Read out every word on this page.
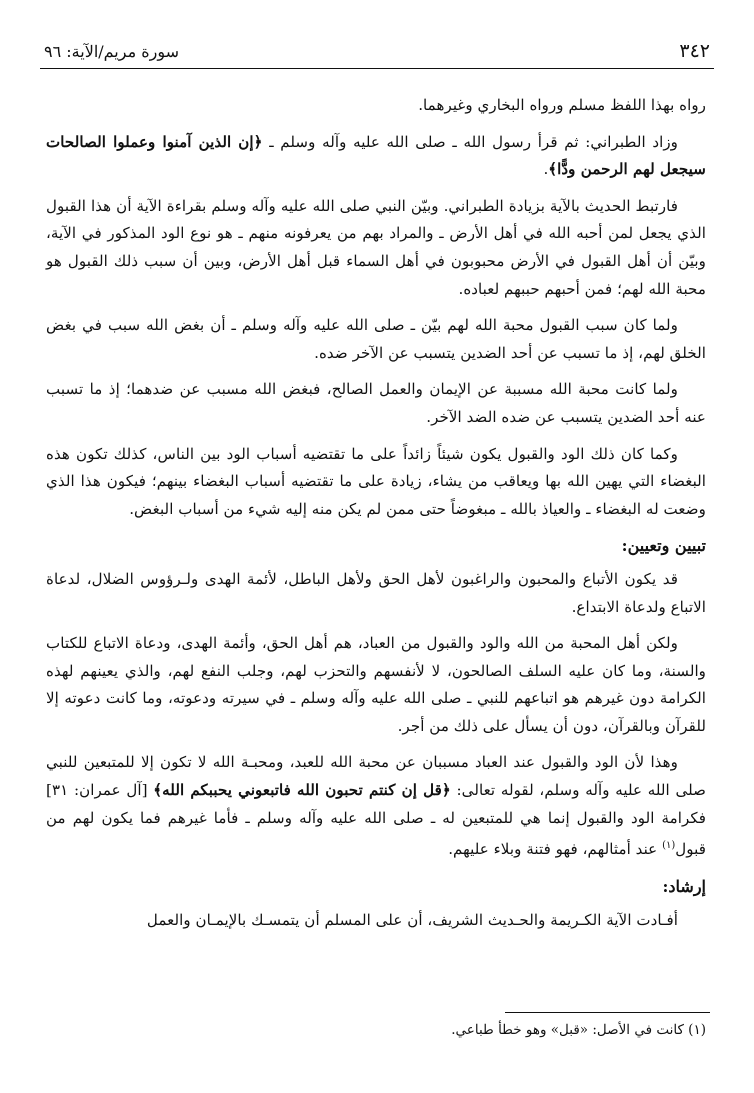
٣٤٢
سورة مريم/الآية: ٩٦

رواه بهذا اللفظ مسلم ورواه البخاري وغيرهما.

وزاد الطبراني: ثم قرأ رسول الله ـ صلى الله عليه وآله وسلم ـ ﴿إن الذين آمنوا وعملوا الصالحات سيجعل لهم الرحمن ودًّا﴾.

فارتبط الحديث بالآية بزيادة الطبراني. وبيّن النبي صلى الله عليه وآله وسلم بقراءة الآية أن هذا القبول الذي يجعل لمن أحبه الله في أهل الأرض ـ والمراد بهم من يعرفونه منهم ـ هو نوع الود المذكور في الآية، وبيّن أن أهل القبول في الأرض محبوبون في أهل السماء قبل أهل الأرض، وبين أن سبب ذلك القبول هو محبة الله لهم؛ فمن أحبهم حببهم لعباده.

ولما كان سبب القبول محبة الله لهم بيّن ـ صلى الله عليه وآله وسلم ـ أن بغض الله سبب في بغض الخلق لهم، إذ ما تسبب عن أحد الضدين يتسبب عن الآخر ضده.

ولما كانت محبة الله مسببة عن الإيمان والعمل الصالح، فبغض الله مسبب عن ضدهما؛ إذ ما تسبب عنه أحد الضدين يتسبب عن ضده الضد الآخر.

وكما كان ذلك الود والقبول يكون شيئاً زائداً على ما تقتضيه أسباب الود بين الناس، كذلك تكون هذه البغضاء التي يهين الله بها ويعاقب من يشاء، زيادة على ما تقتضيه أسباب البغضاء بينهم؛ فيكون هذا الذي وضعت له البغضاء ـ والعياذ بالله ـ مبغوضاً حتى ممن لم يكن منه إليه شيء من أسباب البغض.

تبيين وتعيين:

قد يكون الأتباع والمحبون والراغبون لأهل الحق ولأهل الباطل، لأئمة الهدى ولـرؤوس الضلال، لدعاة الاتباع ولدعاة الابتداع.

ولكن أهل المحبة من الله والود والقبول من العباد، هم أهل الحق، وأئمة الهدى، ودعاة الاتباع للكتاب والسنة، وما كان عليه السلف الصالحون، لا لأنفسهم والتحزب لهم، وجلب النفع لهم، والذي يعينهم لهذه الكرامة دون غيرهم هو اتباعهم للنبي ـ صلى الله عليه وآله وسلم ـ في سيرته ودعوته، وما كانت دعوته إلا للقرآن وبالقرآن، دون أن يسأل على ذلك من أجر.

وهذا لأن الود والقبول عند العباد مسببان عن محبة الله للعبد، ومحبـة الله لا تكون إلا للمتبعين للنبي صلى الله عليه وآله وسلم، لقوله تعالى: ﴿قل إن كنتم تحبون الله فاتبعوني يحببكم الله﴾ [آل عمران: ٣١] فكرامة الود والقبول إنما هي للمتبعين له ـ صلى الله عليه وآله وسلم ـ فأما غيرهم فما يكون لهم من قبول$^{(١)}$ عند أمثالهم، فهو فتنة وبلاء عليهم.

إرشاد:

أفـادت الآية الكـريمة والحـديث الشريف، أن على المسلم أن يتمسـك بالإيمـان والعمل

(١) كانت في الأصل: «قبل» وهو خطأ طباعي.
